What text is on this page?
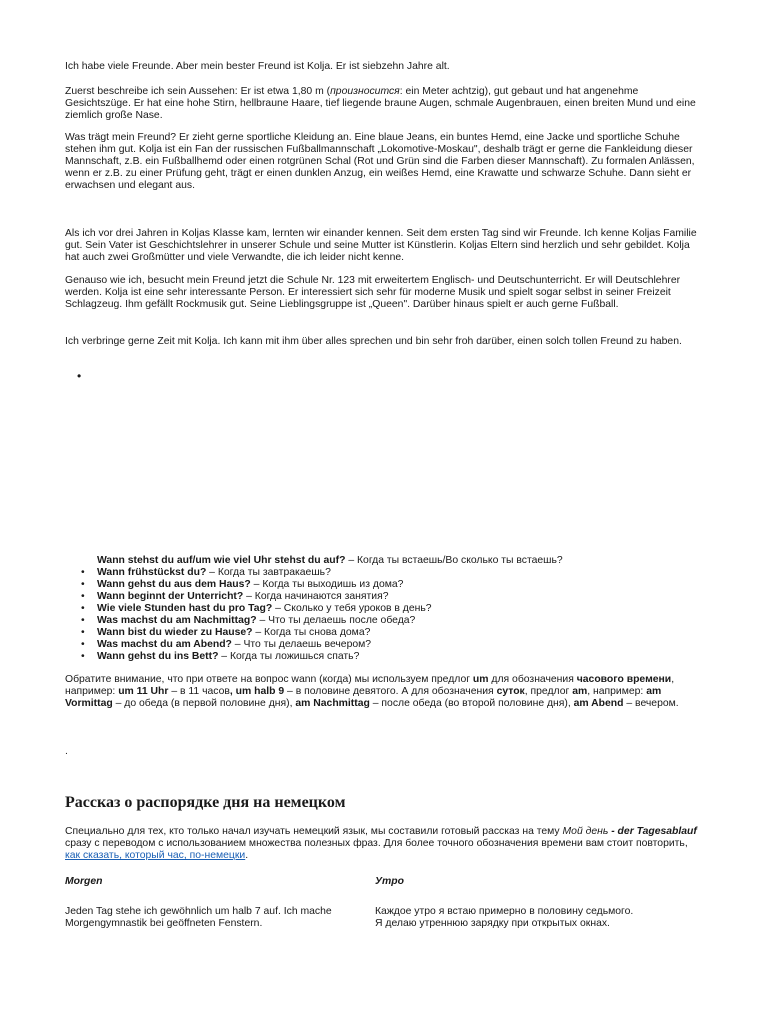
Ich habe viele Freunde. Aber mein bester Freund ist Kolja. Er ist siebzehn Jahre alt.

Zuerst beschreibe ich sein Aussehen: Er ist etwa 1,80 m (произносится: ein Meter achtzig), gut gebaut und hat angenehme Gesichtszüge. Er hat eine hohe Stirn, hellbraune Haare, tief liegende braune Augen, schmale Augenbrauen, einen breiten Mund und eine ziemlich große Nase.

Was trägt mein Freund? Er zieht gerne sportliche Kleidung an. Eine blaue Jeans, ein buntes Hemd, eine Jacke und sportliche Schuhe stehen ihm gut. Kolja ist ein Fan der russischen Fußballmannschaft „Lokomotive-Moskau", deshalb trägt er gerne die Fankleidung dieser Mannschaft, z.B. ein Fußballhemd oder einen rotgrünen Schal (Rot und Grün sind die Farben dieser Mannschaft). Zu formalen Anlässen, wenn er z.B. zu einer Prüfung geht, trägt er einen dunklen Anzug, ein weißes Hemd, eine Krawatte und schwarze Schuhe. Dann sieht er erwachsen und elegant aus.

Als ich vor drei Jahren in Koljas Klasse kam, lernten wir einander kennen. Seit dem ersten Tag sind wir Freunde. Ich kenne Koljas Familie gut. Sein Vater ist Geschichtslehrer in unserer Schule und seine Mutter ist Künstlerin. Koljas Eltern sind herzlich und sehr gebildet. Kolja hat auch zwei Großmütter und viele Verwandte, die ich leider nicht kenne.

Genauso wie ich, besucht mein Freund jetzt die Schule Nr. 123 mit erweitertem Englisch- und Deutschunterricht. Er will Deutschlehrer werden. Kolja ist eine sehr interessante Person. Er interessiert sich sehr für moderne Musik und spielt sogar selbst in seiner Freizeit Schlagzeug. Ihm gefällt Rockmusik gut. Seine Lieblingsgruppe ist „Queen". Darüber hinaus spielt er auch gerne Fußball.

Ich verbringe gerne Zeit mit Kolja. Ich kann mit ihm über alles sprechen und bin sehr froh darüber, einen solch tollen Freund zu haben.

•
Wann stehst du auf/um wie viel Uhr stehst du auf? – Когда ты встаешь/Во сколько ты встаешь?
• Wann frühstückst du? – Когда ты завтракаешь?
• Wann gehst du aus dem Haus? – Когда ты выходишь из дома?
• Wann beginnt der Unterricht? – Когда начинаются занятия?
• Wie viele Stunden hast du pro Tag? – Сколько у тебя уроков в день?
• Was machst du am Nachmittag? – Что ты делаешь после обеда?
• Wann bist du wieder zu Hause? – Когда ты снова дома?
• Was machst du am Abend? – Что ты делаешь вечером?
• Wann gehst du ins Bett? – Когда ты ложишься спать?

Обратите внимание, что при ответе на вопрос wann (когда) мы используем предлог um для обозначения часового времени, например: um 11 Uhr – в 11 часов, um halb 9 – в половине девятого. А для обозначения суток, предлог am, например: am Vormittag – до обеда (в первой половине дня), am Nachmittag – после обеда (во второй половине дня), am Abend – вечером.

.
Рассказ о распорядке дня на немецком

Специально для тех, кто только начал изучать немецкий язык, мы составили готовый рассказ на тему Мой день - der Tagesablauf сразу с переводом с использованием множества полезных фраз. Для более точного обозначения времени вам стоит повторить, как сказать, который час, по-немецки.

Morgen	Утро

Jeden Tag stehe ich gewöhnlich um halb 7 auf. Ich mache Morgengymnastik bei geöffneten Fenstern.

Каждое утро я встаю примерно в половину седьмого.
Я делаю утреннюю зарядку при открытых окнах.
